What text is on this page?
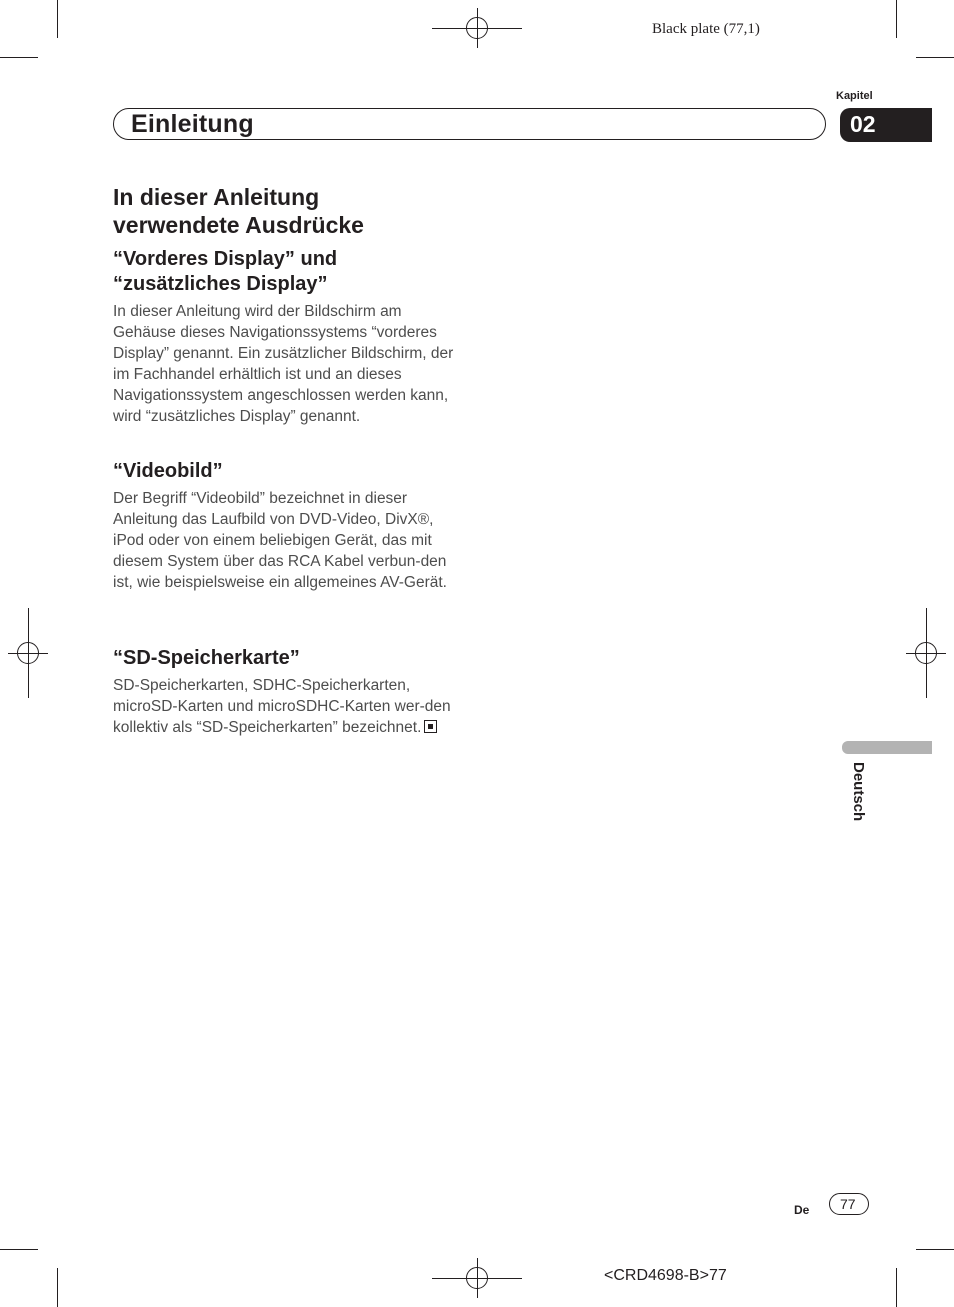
Black plate (77,1)
Kapitel
Einleitung	02
In dieser Anleitung verwendete Ausdrücke
“Vorderes Display” und “zusätzliches Display”
In dieser Anleitung wird der Bildschirm am Gehäuse dieses Navigationssystems “vorderes Display” genannt. Ein zusätzlicher Bildschirm, der im Fachhandel erhältlich ist und an dieses Navigationssystem angeschlossen werden kann, wird “zusätzliches Display” genannt.
“Videobild”
Der Begriff “Videobild” bezeichnet in dieser Anleitung das Laufbild von DVD-Video, DivX®, iPod oder von einem beliebigen Gerät, das mit diesem System über das RCA Kabel verbun-den ist, wie beispielsweise ein allgemeines AV-Gerät.
“SD-Speicherkarte”
SD-Speicherkarten, SDHC-Speicherkarten, microSD-Karten und microSDHC-Karten wer-den kollektiv als “SD-Speicherkarten” bezeichnet.
Deutsch
De 77
<CRD4698-B>77
